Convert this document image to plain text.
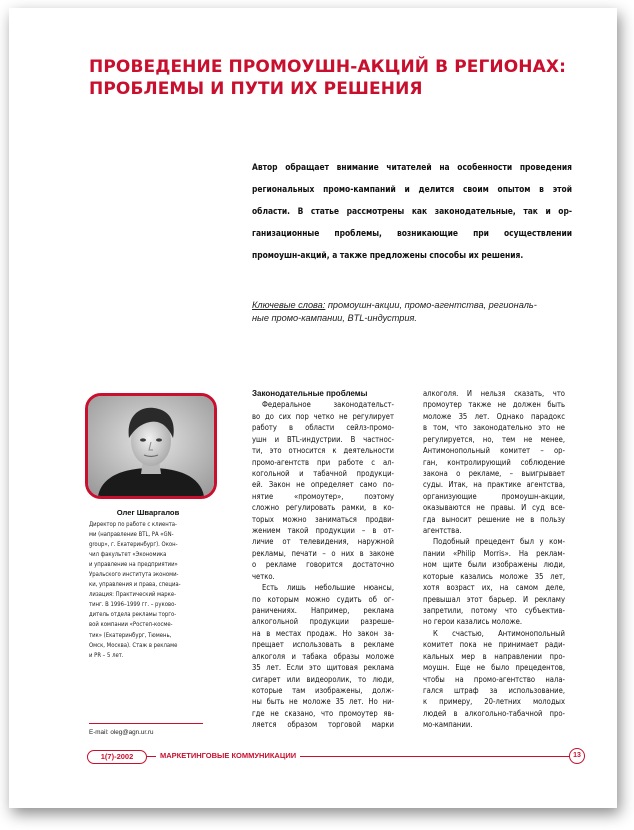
ПРОВЕДЕНИЕ ПРОМОУШН-АКЦИЙ В РЕГИОНАХ:
ПРОБЛЕМЫ И ПУТИ ИХ РЕШЕНИЯ
Автор обращает внимание читателей на особенности проведения
региональных промо-кампаний и делится своим опытом в этой
области. В статье рассмотрены как законодательные, так и ор-
ганизационные проблемы, возникающие при осуществлении
промоушн-акций, а также предложены способы их решения.
Ключевые слова: промоушн-акции, промо-агентства, региональ-
ные промо-кампании, BTL-индустрия.
Олег Шваргалов
Директор по работе с клиента-
ми (направление BTL, РА «GN-
group», г. Екатеринбург). Окон-
чил факультет «Экономика
и управление на предприятии»
Уральского института экономи-
ки, управления и права, специа-
лизация: Практический марке-
тинг. В 1996–1999 гг. – руково-
дитель отдела рекламы торго-
вой компании «Ростеп-косме-
тик» (Екатеринбург, Тюмень,
Омск, Москва). Стаж в рекламе
и PR – 5 лет.
E-mail: oleg@agn.ur.ru
Законодательные проблемы
Федеральное законодательст-
во до сих пор четко не регулирует
работу в области сейлз-промо-
ушн и BTL-индустрии. В частнос-
ти, это относится к деятельности
промо-агентств при работе с ал-
когольной и табачной продукци-
ей. Закон не определяет само по-
нятие «промоутер», поэтому
сложно регулировать рамки, в ко-
торых можно заниматься продви-
жением такой продукции – в от-
личие от телевидения, наружной
рекламы, печати – о них в законе
о рекламе говорится достаточно
четко.
Есть лишь небольшие нюансы,
по которым можно судить об ог-
раничениях. Например, реклама
алкогольной продукции разреше-
на в местах продаж. Но закон за-
прещает использовать в рекламе
алкоголя и табака образы моложе
35 лет. Если это щитовая реклама
сигарет или видеоролик, то люди,
которые там изображены, долж-
ны быть не моложе 35 лет. Но ни-
где не сказано, что промоутер яв-
ляется образом торговой марки
алкоголя. И нельзя сказать, что
промоутер также не должен быть
моложе 35 лет. Однако парадокс
в том, что законодательно это не
регулируется, но, тем не менее,
Антимонопольный комитет – ор-
ган, контролирующий соблюдение
закона о рекламе, – выигрывает
суды. Итак, на практике агентства,
организующие промоушн-акции,
оказываются не правы. И суд все-
гда выносит решение не в пользу
агентства.
Подобный прецедент был у ком-
пании «Philip Morris». На реклам-
ном щите были изображены люди,
которые казались моложе 35 лет,
хотя возраст их, на самом деле,
превышал этот барьер. И рекламу
запретили, потому что субъектив-
но герои казались моложе.
К счастью, Антимонопольный
комитет пока не принимает ради-
кальных мер в направлении про-
моушн. Еще не было прецедентов,
чтобы на промо-агентство нала-
гался штраф за использование,
к примеру, 20-летних молодых
людей в алкогольно-табачной про-
мо-кампании.
1(7)-2002	МАРКЕТИНГОВЫЕ КОММУНИКАЦИИ	13
